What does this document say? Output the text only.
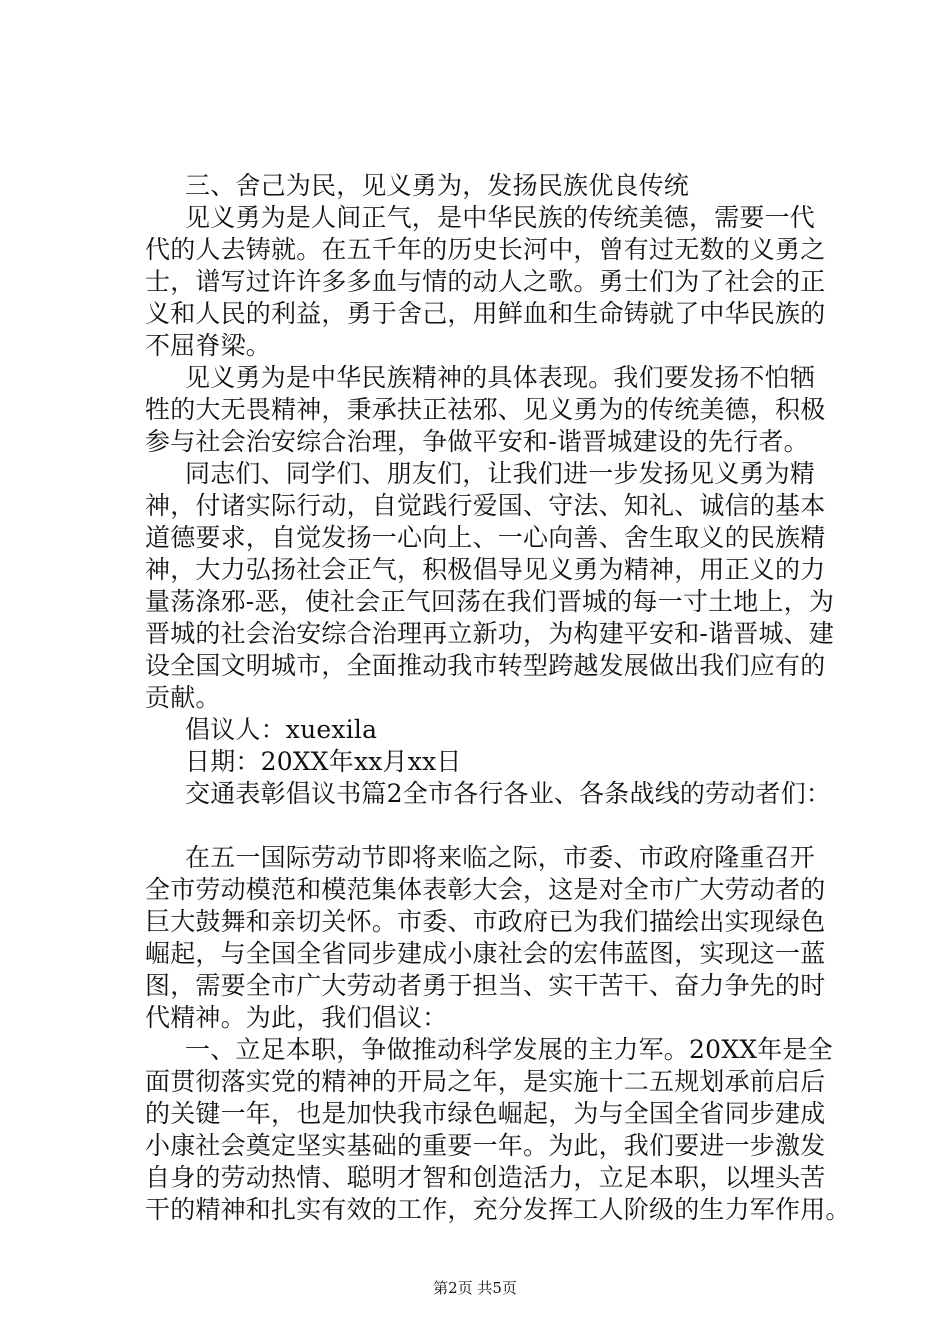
三、舍己为民，见义勇为，发扬民族优良传统
见义勇为是人间正气，是中华民族的传统美德，需要一代
代的人去铸就。在五千年的历史长河中，曾有过无数的义勇之
士，谱写过许许多多血与情的动人之歌。勇士们为了社会的正
义和人民的利益，勇于舍己，用鲜血和生命铸就了中华民族的
不屈脊梁。
见义勇为是中华民族精神的具体表现。我们要发扬不怕牺
牲的大无畏精神，秉承扶正祛邪、见义勇为的传统美德，积极
参与社会治安综合治理，争做平安和-谐晋城建设的先行者。
同志们、同学们、朋友们，让我们进一步发扬见义勇为精
神，付诸实际行动，自觉践行爱国、守法、知礼、诚信的基本
道德要求，自觉发扬一心向上、一心向善、舍生取义的民族精
神，大力弘扬社会正气，积极倡导见义勇为精神，用正义的力
量荡涤邪-恶，使社会正气回荡在我们晋城的每一寸土地上，为
晋城的社会治安综合治理再立新功，为构建平安和-谐晋城、建
设全国文明城市，全面推动我市转型跨越发展做出我们应有的
贡献。
倡议人：xuexila
日期：20XX年xx月xx日
交通表彰倡议书篇2全市各行各业、各条战线的劳动者们：
在五一国际劳动节即将来临之际，市委、市政府隆重召开
全市劳动模范和模范集体表彰大会，这是对全市广大劳动者的
巨大鼓舞和亲切关怀。市委、市政府已为我们描绘出实现绿色
崛起，与全国全省同步建成小康社会的宏伟蓝图，实现这一蓝
图，需要全市广大劳动者勇于担当、实干苦干、奋力争先的时
代精神。为此，我们倡议：
一、立足本职，争做推动科学发展的主力军。20XX年是全
面贯彻落实党的精神的开局之年，是实施十二五规划承前启后
的关键一年，也是加快我市绿色崛起，为与全国全省同步建成
小康社会奠定坚实基础的重要一年。为此，我们要进一步激发
自身的劳动热情、聪明才智和创造活力，立足本职，以埋头苦
干的精神和扎实有效的工作，充分发挥工人阶级的生力军作用。
第2页 共5页
